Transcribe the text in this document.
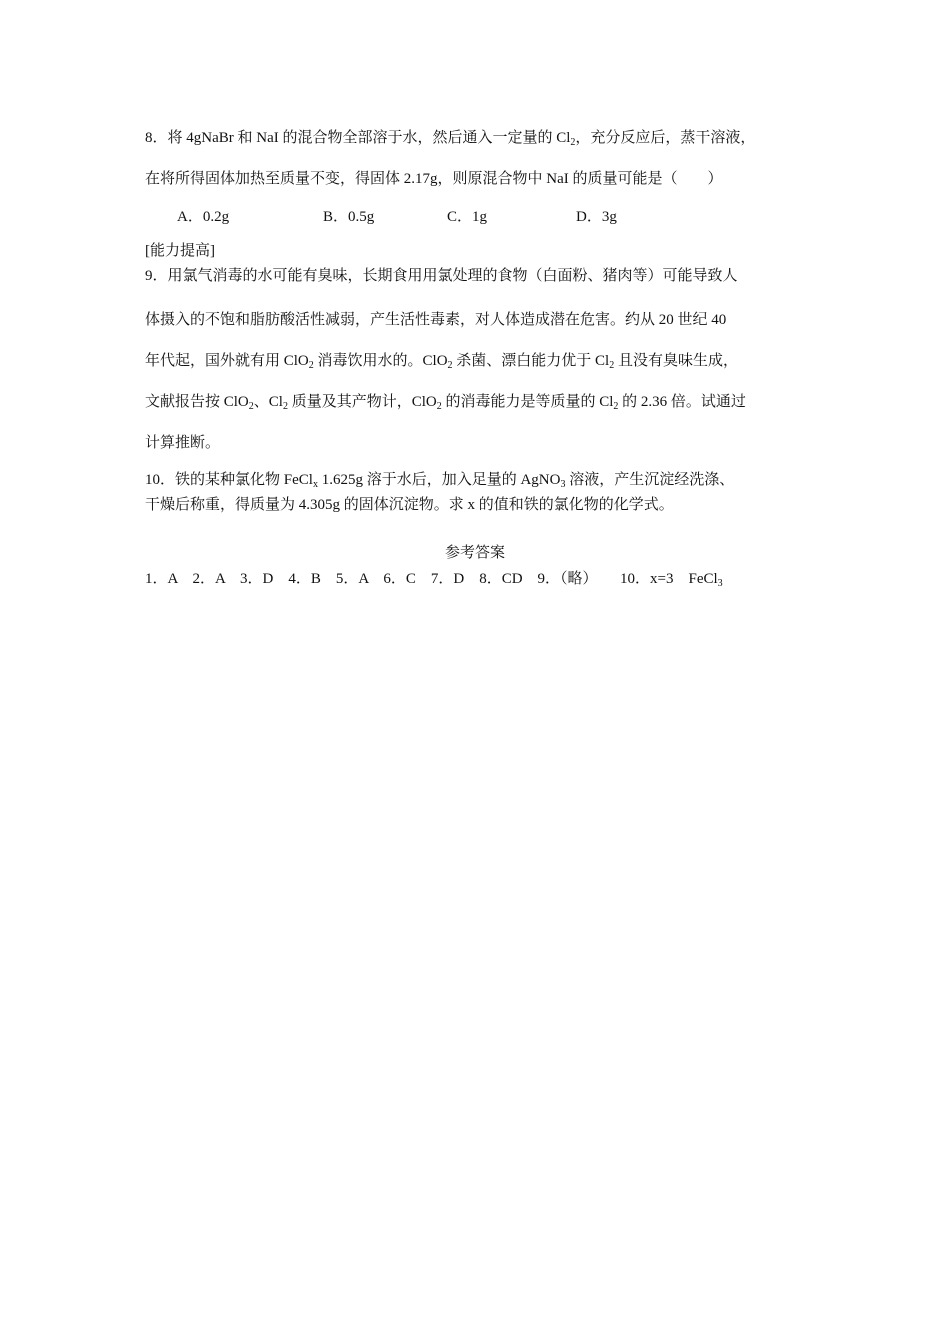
8．将 4gNaBr 和 NaI 的混合物全部溶于水，然后通入一定量的 $Cl_2$，充分反应后，蒸干溶液，
在将所得固体加热至质量不变，得固体 2.17g，则原混合物中 NaI 的质量可能是（　　）
A．0.2g	B．0.5g	C．1g	D．3g
[能力提高]
9．用氯气消毒的水可能有臭味，长期食用用氯处理的食物（白面粉、猪肉等）可能导致人
体摄入的不饱和脂肪酸活性减弱，产生活性毒素，对人体造成潜在危害。约从 20 世纪 40
年代起，国外就有用 ClO$_2$ 消毒饮用水的。ClO$_2$ 杀菌、漂白能力优于 $Cl_2$ 且没有臭味生成，
文献报告按 ClO$_2$、$Cl_2$ 质量及其产物计，ClO$_2$ 的消毒能力是等质量的 $Cl_2$ 的 2.36 倍。试通过
计算推断。
10．铁的某种氯化物 FeCl$_x$ 1.625g 溶于水后，加入足量的 AgNO$_3$ 溶液，产生沉淀经洗涤、
干燥后称重，得质量为 4.305g 的固体沉淀物。求 x 的值和铁的氯化物的化学式。
参考答案
1．A　2．A　3．D　4．B　5．A　6．C　7．D　8．CD　9．（略）　　10．x=3　FeCl$_3$
